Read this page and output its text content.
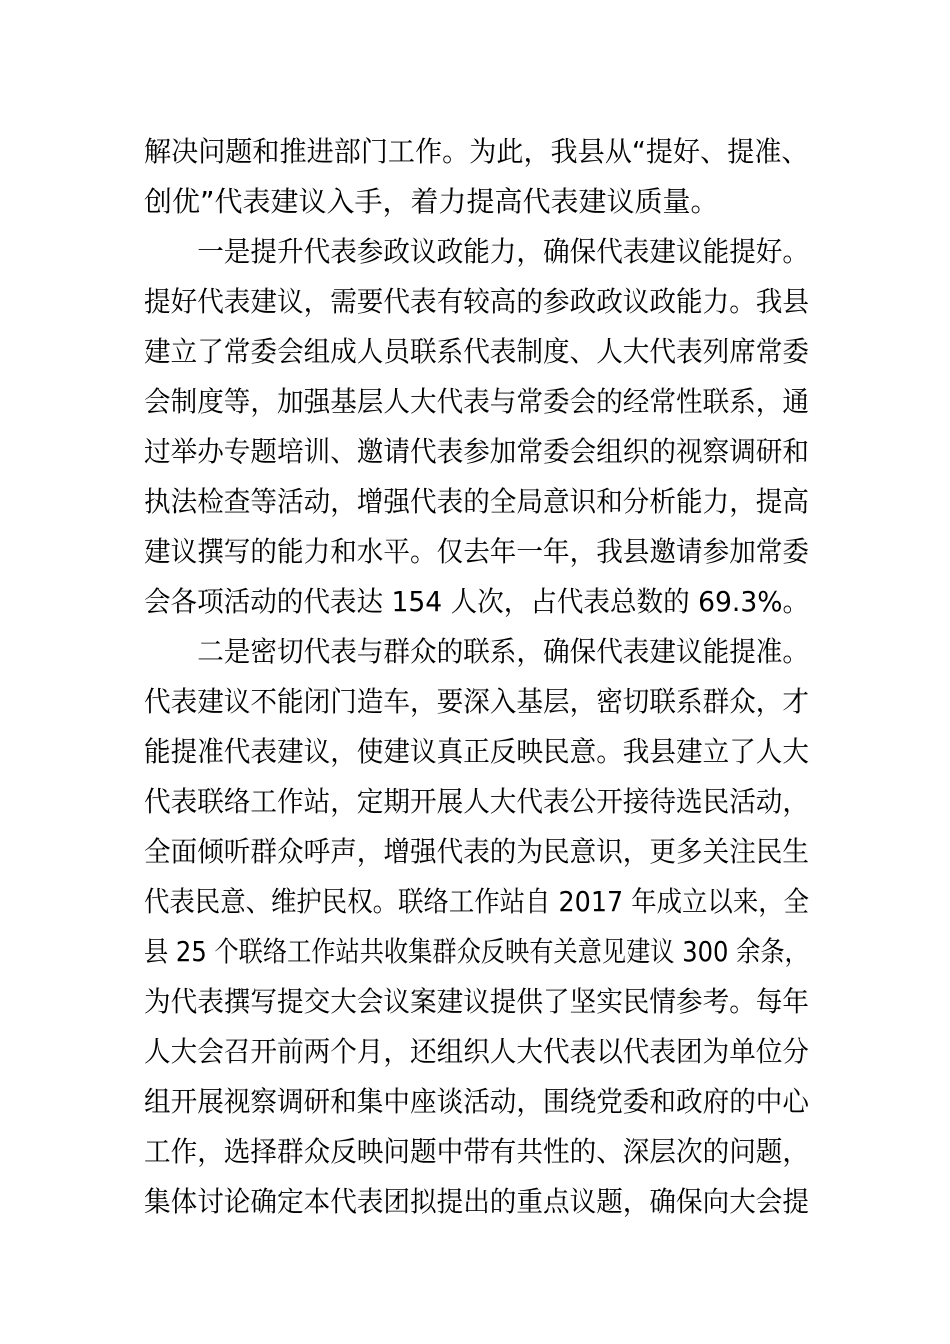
解决问题和推进部门工作。为此，我县从“提好、提准、
创优”代表建议入手，着力提高代表建议质量。
　　一是提升代表参政议政能力，确保代表建议能提好。
提好代表建议，需要代表有较高的参政政议政能力。我县
建立了常委会组成人员联系代表制度、人大代表列席常委
会制度等，加强基层人大代表与常委会的经常性联系，通
过举办专题培训、邀请代表参加常委会组织的视察调研和
执法检查等活动，增强代表的全局意识和分析能力，提高
建议撰写的能力和水平。仅去年一年，我县邀请参加常委
会各项活动的代表达 154 人次，占代表总数的 69.3%。
　　二是密切代表与群众的联系，确保代表建议能提准。
代表建议不能闭门造车，要深入基层，密切联系群众，才
能提准代表建议，使建议真正反映民意。我县建立了人大
代表联络工作站，定期开展人大代表公开接待选民活动，
全面倾听群众呼声，增强代表的为民意识，更多关注民生
代表民意、维护民权。联络工作站自 2017 年成立以来，全
县 25 个联络工作站共收集群众反映有关意见建议 300 余条，
为代表撰写提交大会议案建议提供了坚实民情参考。每年
人大会召开前两个月，还组织人大代表以代表团为单位分
组开展视察调研和集中座谈活动，围绕党委和政府的中心
工作，选择群众反映问题中带有共性的、深层次的问题，
集体讨论确定本代表团拟提出的重点议题，确保向大会提
